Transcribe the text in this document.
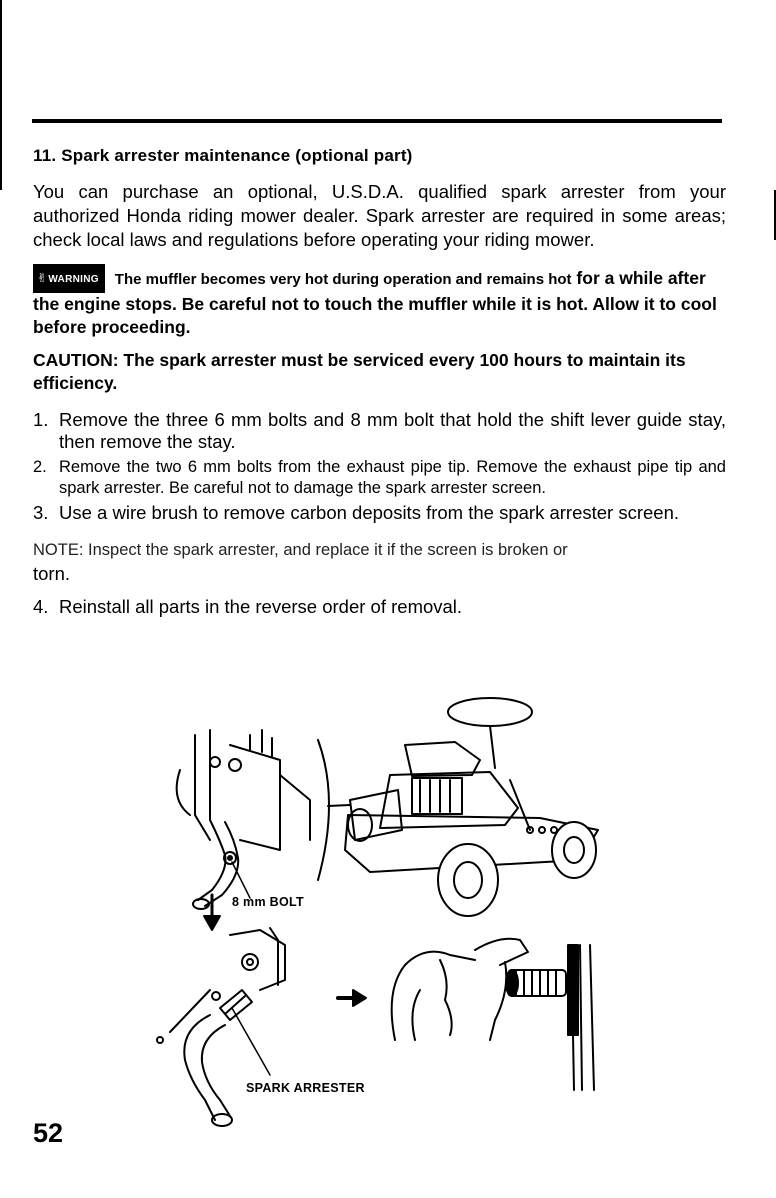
11. Spark arrester maintenance (optional part)

You can purchase an optional, U.S.D.A. qualified spark arrester from your authorized Honda riding mower dealer. Spark arrester are required in some areas; check local laws and regulations before operating your riding mower.

✌WARNING The muffler becomes very hot during operation and remains hot for a while after the engine stops. Be careful not to touch the muffler while it is hot. Allow it to cool before proceeding.
CAUTION: The spark arrester must be serviced every 100 hours to maintain its efficiency.
1. Remove the three 6 mm bolts and 8 mm bolt that hold the shift lever guide stay, then remove the stay.
2. Remove the two 6 mm bolts from the exhaust pipe tip. Remove the exhaust pipe tip and spark arrester. Be careful not to damage the spark arrester screen.
3. Use a wire brush to remove carbon deposits from the spark arrester screen.
NOTE: Inspect the spark arrester, and replace it if the screen is broken or
torn.
4. Reinstall all parts in the reverse order of removal.
8 mm BOLT
SPARK ARRESTER
52
